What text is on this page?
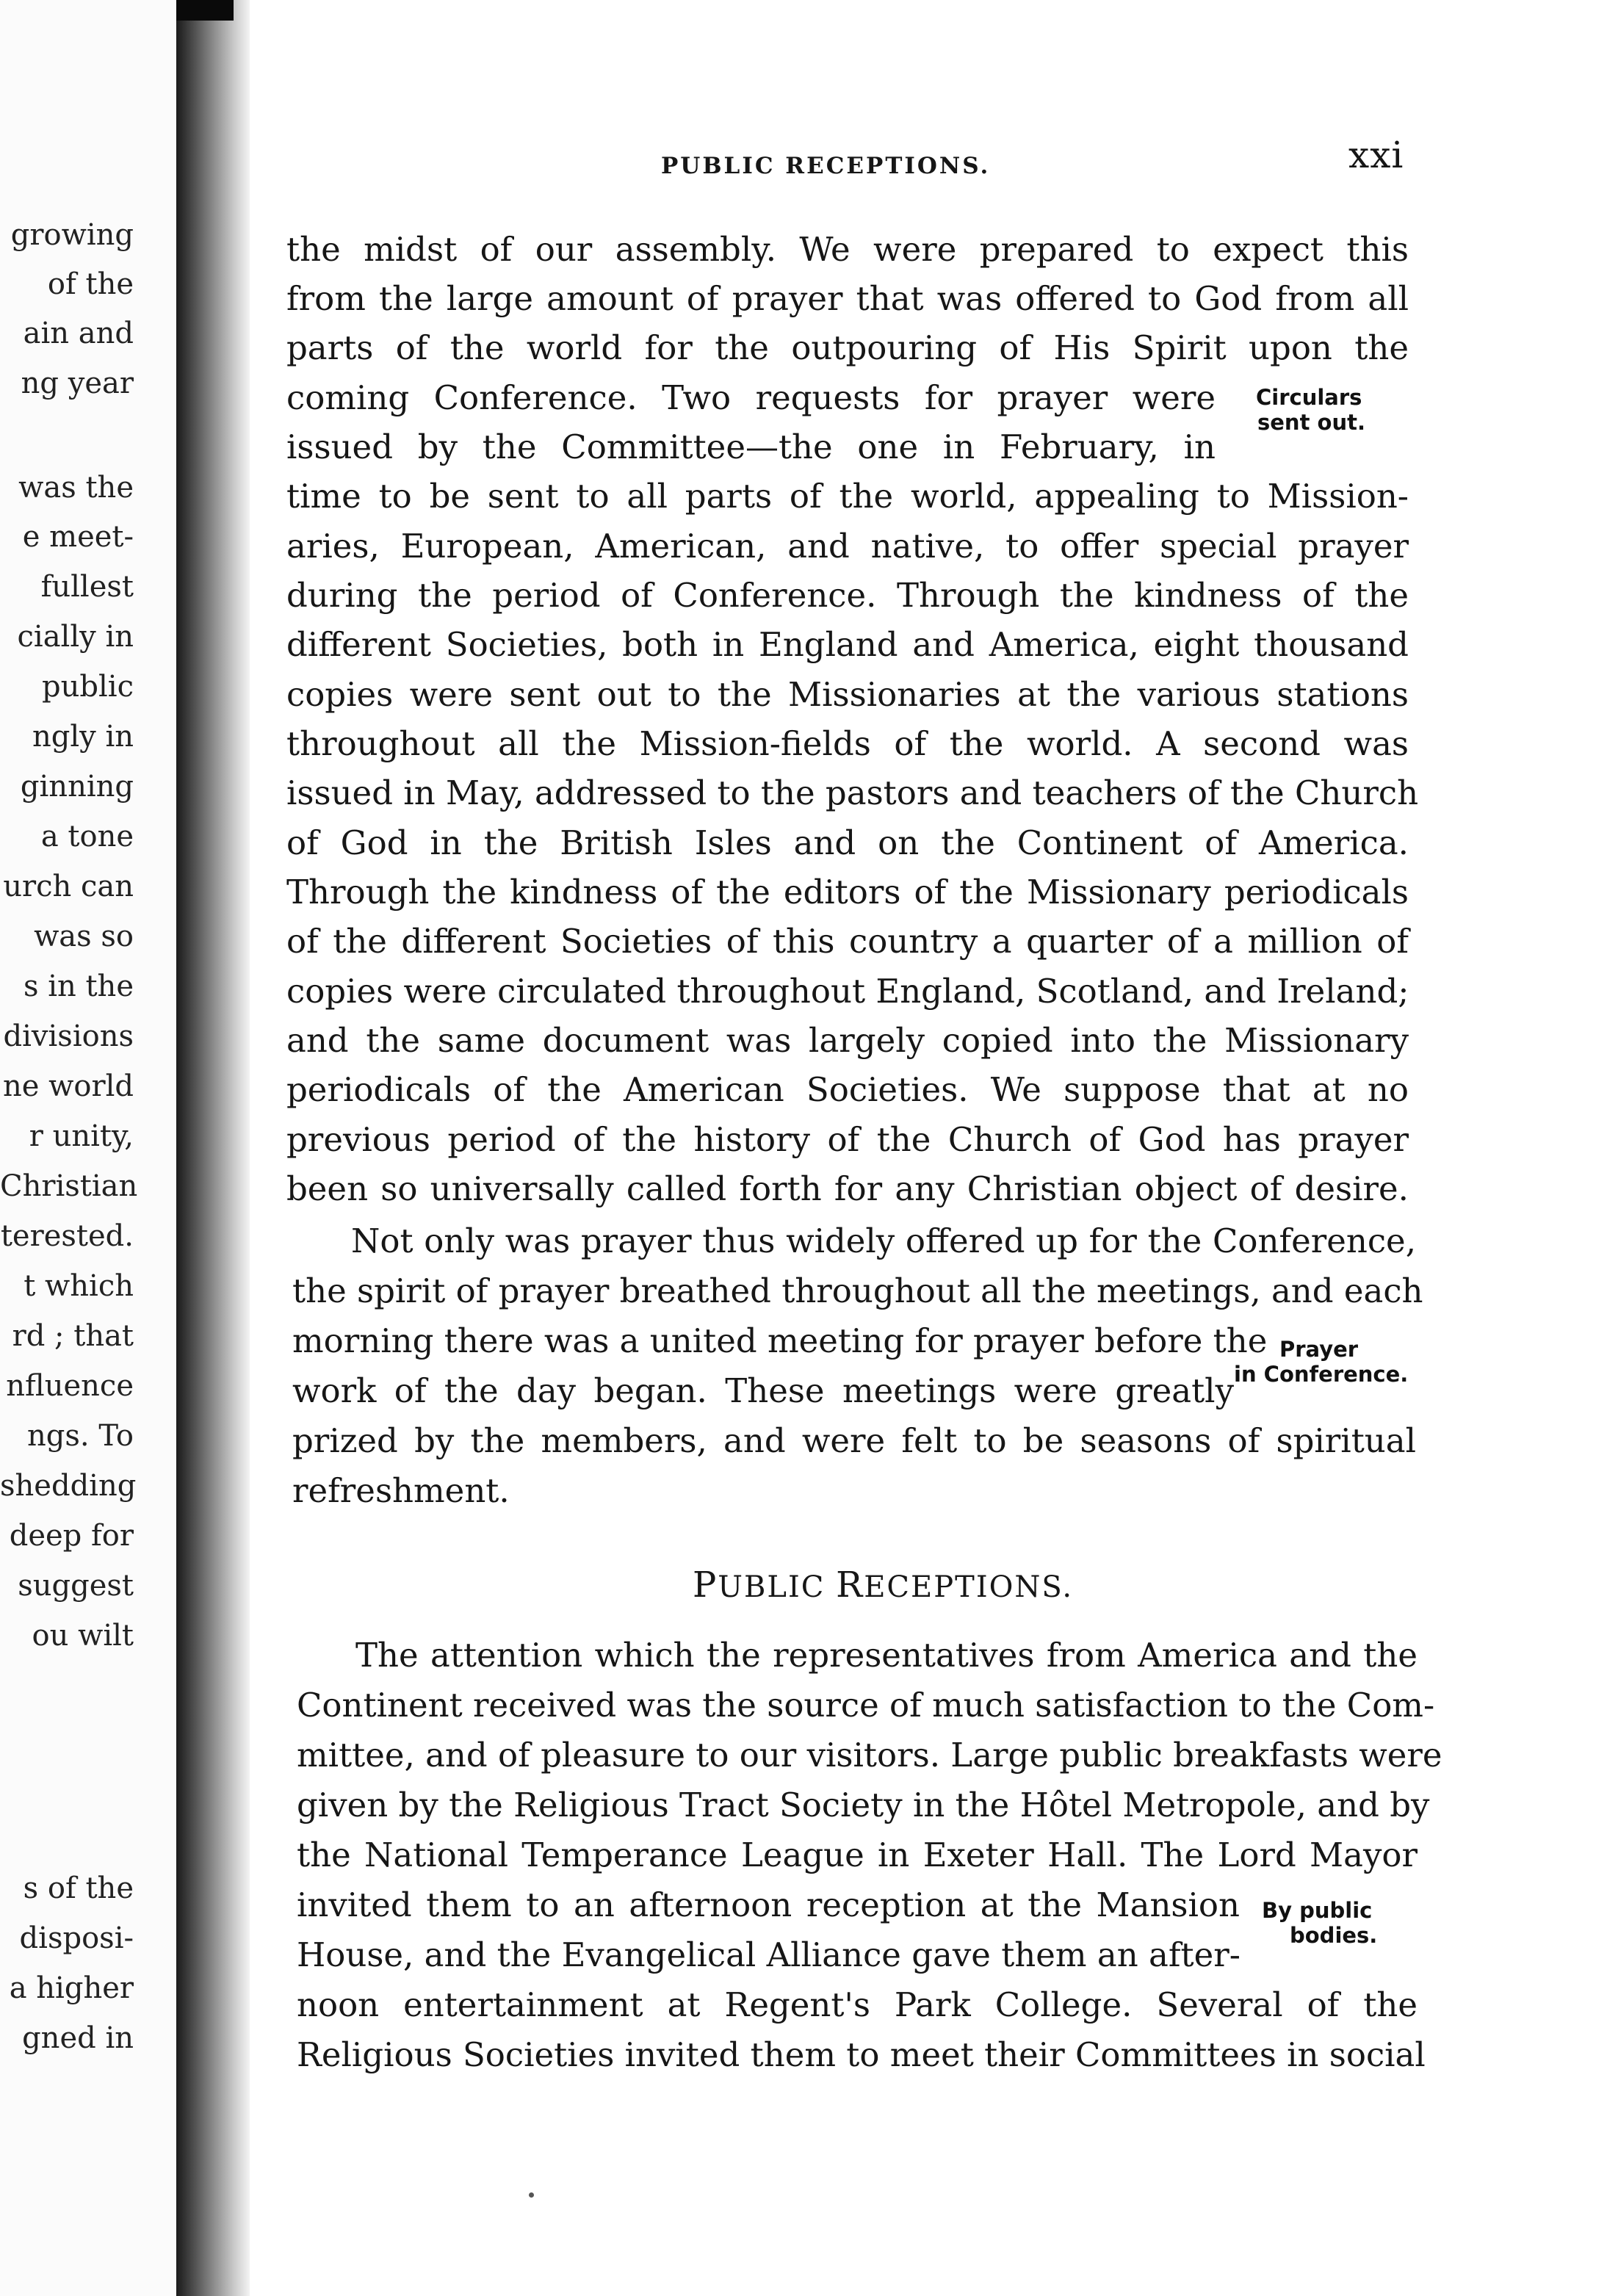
growing
of the
ain and
ng year
was the
e meet-
fullest
cially in
public
ngly in
ginning
a tone
urch can
was so
s in the
divisions
ne world
r unity,
Christian
terested.
t which
rd ; that
nfluence
ngs. To
shedding
deep for
suggest
ou wilt
s of the
disposi-
a higher
gned in
PUBLIC RECEPTIONS.	xxi
the midst of our assembly. We were prepared to expect this
from the large amount of prayer that was offered to God from all
parts of the world for the outpouring of His Spirit upon the
coming Conference. Two requests for prayer were
issued by the Committee—the one in February, in
time to be sent to all parts of the world, appealing to Mission-
aries, European, American, and native, to offer special prayer
during the period of Conference. Through the kindness of the
different Societies, both in England and America, eight thousand
copies were sent out to the Missionaries at the various stations
throughout all the Mission-fields of the world. A second was
issued in May, addressed to the pastors and teachers of the Church
of God in the British Isles and on the Continent of America.
Through the kindness of the editors of the Missionary periodicals
of the different Societies of this country a quarter of a million of
copies were circulated throughout England, Scotland, and Ireland;
and the same document was largely copied into the Missionary
periodicals of the American Societies. We suppose that at no
previous period of the history of the Church of God has prayer
been so universally called forth for any Christian object of desire.
Not only was prayer thus widely offered up for the Conference,
the spirit of prayer breathed throughout all the meetings, and each
morning there was a united meeting for prayer before the
work of the day began. These meetings were greatly
prized by the members, and were felt to be seasons of spiritual
refreshment.
PUBLIC RECEPTIONS.
The attention which the representatives from America and the
Continent received was the source of much satisfaction to the Com-
mittee, and of pleasure to our visitors. Large public breakfasts were
given by the Religious Tract Society in the Hôtel Metropole, and by
the National Temperance League in Exeter Hall. The Lord Mayor
invited them to an afternoon reception at the Mansion
House, and the Evangelical Alliance gave them an after-
noon entertainment at Regent's Park College. Several of the
Religious Societies invited them to meet their Committees in social
Circulars
sent out.
Prayer
in Conference.
By public
bodies.
